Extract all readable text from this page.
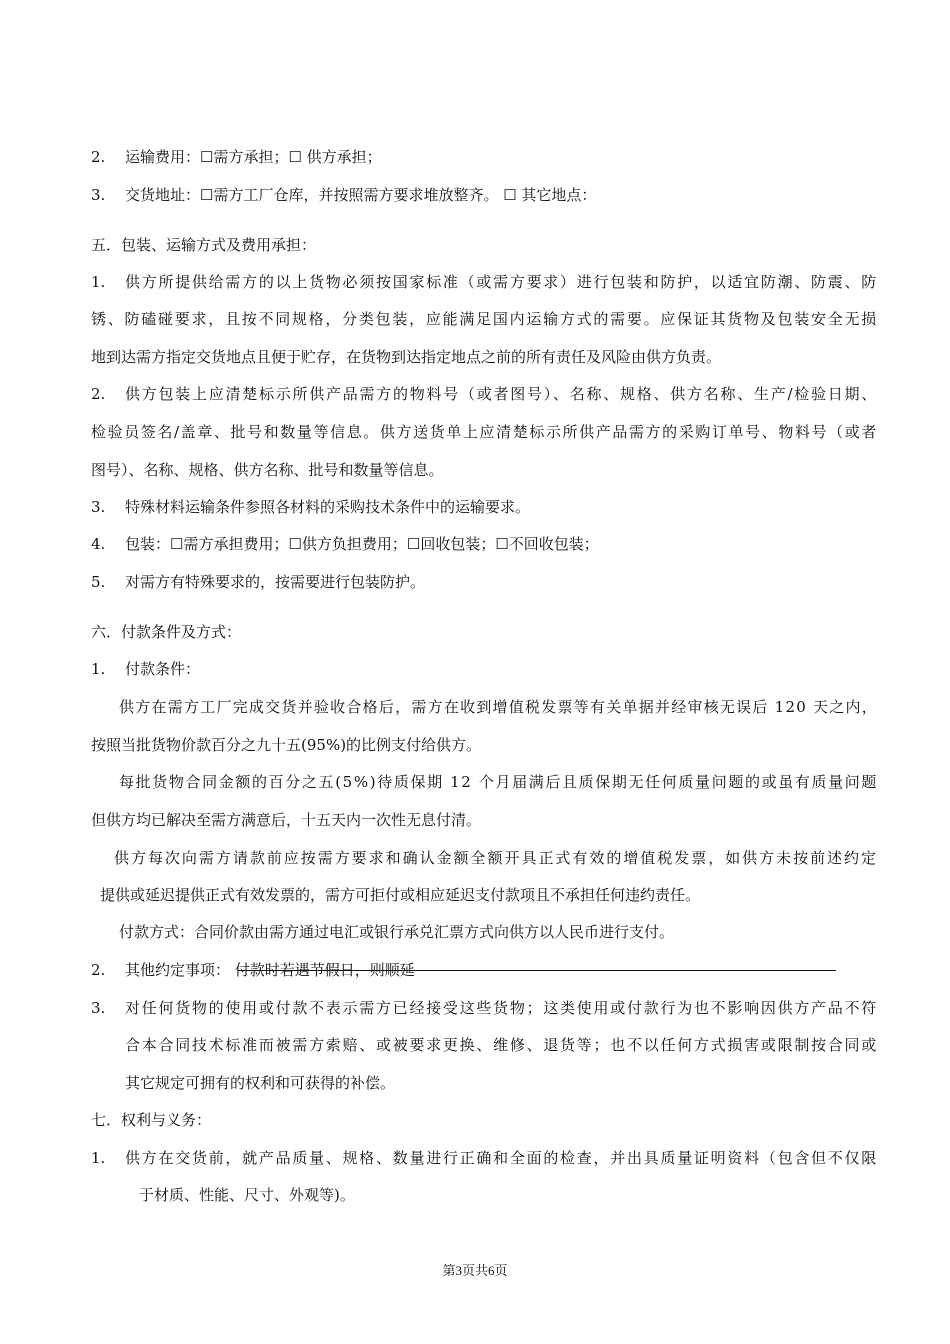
2. 运输费用：☐需方承担；☐ 供方承担；
3. 交货地址：☐需方工厂仓库，并按照需方要求堆放整齐。 ☐ 其它地点：
五．包装、运输方式及费用承担：
1. 供方所提供给需方的以上货物必须按国家标准（或需方要求）进行包装和防护，以适宜防潮、防震、防
锈、防磕碰要求，且按不同规格，分类包装，应能满足国内运输方式的需要。应保证其货物及包装安全无损
地到达需方指定交货地点且便于贮存，在货物到达指定地点之前的所有责任及风险由供方负责。
2. 供方包装上应清楚标示所供产品需方的物料号（或者图号）、名称、规格、供方名称、生产/检验日期、
检验员签名/盖章、批号和数量等信息。供方送货单上应清楚标示所供产品需方的采购订单号、物料号（或者
图号）、名称、规格、供方名称、批号和数量等信息。
3. 特殊材料运输条件参照各材料的采购技术条件中的运输要求。
4. 包装：☐需方承担费用；☐供方负担费用；☐回收包装；☐不回收包装；
5. 对需方有特殊要求的，按需要进行包装防护。
六．付款条件及方式：
1. 付款条件：
供方在需方工厂完成交货并验收合格后，需方在收到增值税发票等有关单据并经审核无误后 120 天之内，
按照当批货物价款百分之九十五(95%)的比例支付给供方。
每批货物合同金额的百分之五(5%)待质保期 12 个月届满后且质保期无任何质量问题的或虽有质量问题
但供方均已解决至需方满意后，十五天内一次性无息付清。
供方每次向需方请款前应按需方要求和确认金额全额开具正式有效的增值税发票，如供方未按前述约定
提供或延迟提供正式有效发票的，需方可拒付或相应延迟支付款项且不承担任何违约责任。
付款方式：合同价款由需方通过电汇或银行承兑汇票方式向供方以人民币进行支付。
2. 其他约定事项： 付款时若遇节假日，则顺延
3. 对任何货物的使用或付款不表示需方已经接受这些货物；这类使用或付款行为也不影响因供方产品不符
合本合同技术标准而被需方索赔、或被要求更换、维修、退货等；也不以任何方式损害或限制按合同或
其它规定可拥有的权利和可获得的补偿。
七．权利与义务：
1. 供方在交货前，就产品质量、规格、数量进行正确和全面的检查，并出具质量证明资料（包含但不仅限
于材质、性能、尺寸、外观等)。
第3页共6页
